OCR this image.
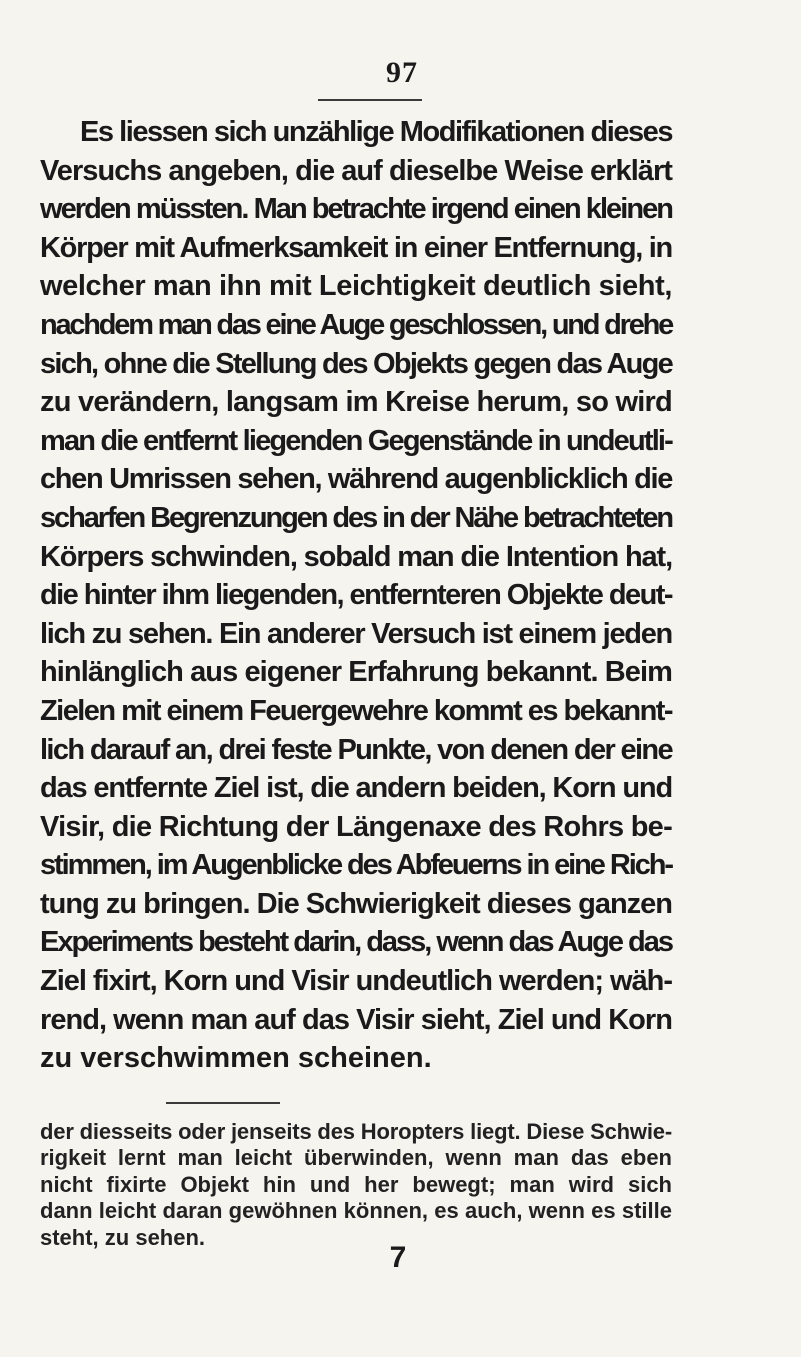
97
Es liessen sich unzählige Modifikationen dieses
Versuchs angeben, die auf dieselbe Weise erklärt
werden müssten. Man betrachte irgend einen kleinen
Körper mit Aufmerksamkeit in einer Entfernung, in
welcher man ihn mit Leichtigkeit deutlich sieht,
nachdem man das eine Auge geschlossen, und drehe
sich, ohne die Stellung des Objekts gegen das Auge
zu verändern, langsam im Kreise herum, so wird
man die entfernt liegenden Gegenstände in undeutli-
chen Umrissen sehen, während augenblicklich die
scharfen Begrenzungen des in der Nähe betrachteten
Körpers schwinden, sobald man die Intention hat,
die hinter ihm liegenden, entfernteren Objekte deut-
lich zu sehen. Ein anderer Versuch ist einem jeden
hinlänglich aus eigener Erfahrung bekannt. Beim
Zielen mit einem Feuergewehre kommt es bekannt-
lich darauf an, drei feste Punkte, von denen der eine
das entfernte Ziel ist, die andern beiden, Korn und
Visir, die Richtung der Längenaxe des Rohrs be-
stimmen, im Augenblicke des Abfeuerns in eine Rich-
tung zu bringen. Die Schwierigkeit dieses ganzen
Experiments besteht darin, dass, wenn das Auge das
Ziel fixirt, Korn und Visir undeutlich werden; wäh-
rend, wenn man auf das Visir sieht, Ziel und Korn
zu verschwimmen scheinen.
der diesseits oder jenseits des Horopters liegt. Diese Schwie-
rigkeit lernt man leicht überwinden, wenn man das eben
nicht fixirte Objekt hin und her bewegt; man wird sich
dann leicht daran gewöhnen können, es auch, wenn es stille
steht, zu sehen.
7
